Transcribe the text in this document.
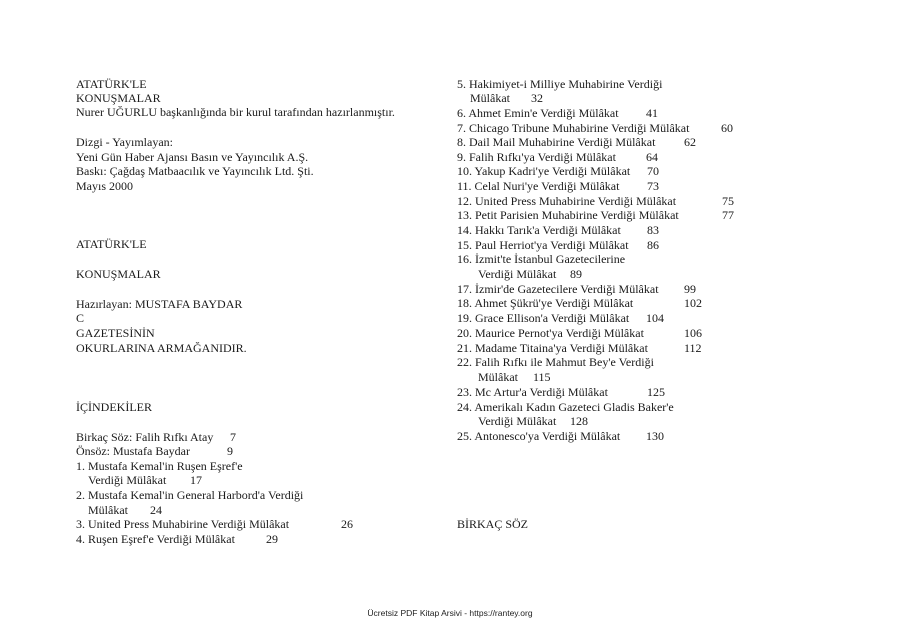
ATATÜRK'LE
KONUŞMALAR
Nurer UĞURLU başkanlığında bir kurul tarafından hazırlanmıştır.
Dizgi - Yayımlayan:
Yeni Gün Haber Ajansı Basın ve Yayıncılık A.Ş.
Baskı: Çağdaş Matbaacılık ve Yayıncılık Ltd. Şti.
Mayıs 2000
ATATÜRK'LE
KONUŞMALAR
Hazırlayan: MUSTAFA BAYDAR
C
GAZETESİNİN
OKURLARINA ARMAĞANIDIR.
İÇİNDEKİLER
Birkaç Söz: Falih Rıfkı Atay 7
Önsöz: Mustafa Baydar	9
1. Mustafa Kemal'in Ruşen Eşref'e
Verdiği Mülâkat 17
2. Mustafa Kemal'in General Harbord'a Verdiği
Mülâkat 24
3. United Press Muhabirine Verdiği Mülâkat	26
4. Ruşen Eşref'e Verdiği Mülâkat	29
5. Hakimiyet-i Milliye Muhabirine Verdiği
Mülâkat 32
6. Ahmet Emin'e Verdiği Mülâkat 41
7. Chicago Tribune Muhabirine Verdiği Mülâkat	60
8. Dail Mail Muhabirine Verdiği Mülâkat 62
9. Falih Rıfkı'ya Verdiği Mülâkat	64
10. Yakup Kadri'ye Verdiği Mülâkat 70
11. Celal Nuri'ye Verdiği Mülâkat 73
12. United Press Muhabirine Verdiği Mülâkat	75
13. Petit Parisien Muhabirine Verdiği Mülâkat	77
14. Hakkı Tarık'a Verdiği Mülâkat 83
15. Paul Herriot'ya Verdiği Mülâkat 86
16. İzmit'te İstanbul Gazetecilerine
Verdiği Mülâkat 89
17. İzmir'de Gazetecilere Verdiği Mülâkat 99
18. Ahmet Şükrü'ye Verdiği Mülâkat	102
19. Grace Ellison'a Verdiği Mülâkat 104
20. Maurice Pernot'ya Verdiği Mülâkat	106
21. Madame Titaina'ya Verdiği Mülâkat	112
22. Falih Rıfkı ile Mahmut Bey'e Verdiği
Mülâkat 115
23. Mc Artur'a Verdiği Mülâkat	125
24. Amerikalı Kadın Gazeteci Gladis Baker'e
Verdiği Mülâkat 128
25. Antonesco'ya Verdiği Mülâkat 130
BİRKAÇ SÖZ
Ücretsiz PDF Kitap Arsivi - https://rantey.org
